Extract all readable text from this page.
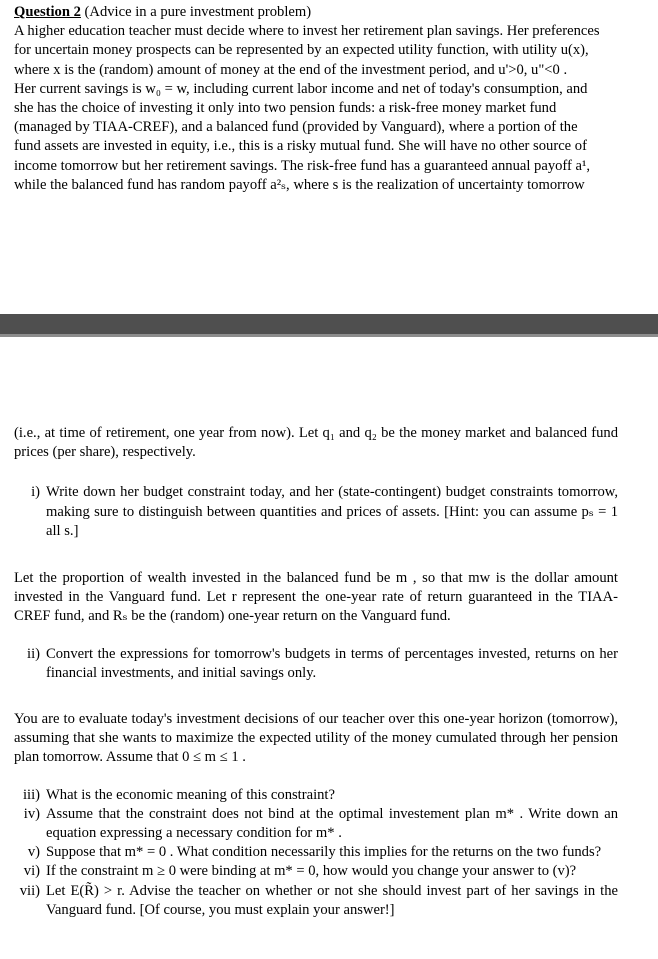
Question 2 (Advice in a pure investment problem)

A higher education teacher must decide where to invest her retirement plan savings. Her preferences

for uncertain money prospects can be represented by an expected utility function, with utility u(x),

where x is the (random) amount of money at the end of the investment period, and u'>0, u"<0 .

Her current savings is w₀ = w, including current labor income and net of today's consumption, and

she has the choice of investing it only into two pension funds: a risk-free money market fund

(managed by TIAA-CREF), and a balanced fund (provided by Vanguard), where a portion of the

fund assets are invested in equity, i.e., this is a risky mutual fund. She will have no other source of

income tomorrow but her retirement savings. The risk-free fund has a guaranteed annual payoff a¹,

while the balanced fund has random payoff a²ₛ, where s is the realization of uncertainty tomorrow

(i.e., at time of retirement, one year from now). Let q₁ and q₂ be the money market and balanced fund prices (per share), respectively.

i) Write down her budget constraint today, and her (state-contingent) budget constraints tomorrow, making sure to distinguish between quantities and prices of assets. [Hint: you can assume pₛ = 1 all s.]

Let the proportion of wealth invested in the balanced fund be m , so that mw is the dollar amount invested in the Vanguard fund. Let r represent the one-year rate of return guaranteed in the TIAA-CREF fund, and Rₛ be the (random) one-year return on the Vanguard fund.

ii) Convert the expressions for tomorrow's budgets in terms of percentages invested, returns on her financial investments, and initial savings only.

You are to evaluate today's investment decisions of our teacher over this one-year horizon (tomorrow), assuming that she wants to maximize the expected utility of the money cumulated through her pension plan tomorrow. Assume that 0 ≤ m ≤ 1 .

iii) What is the economic meaning of this constraint?
iv) Assume that the constraint does not bind at the optimal investement plan m* . Write down an equation expressing a necessary condition for m* .
v) Suppose that m* = 0 . What condition necessarily this implies for the returns on the two funds?
vi) If the constraint m ≥ 0 were binding at m* = 0, how would you change your answer to (v)?
vii) Let E(R̃) > r. Advise the teacher on whether or not she should invest part of her savings in the Vanguard fund. [Of course, you must explain your answer!]
